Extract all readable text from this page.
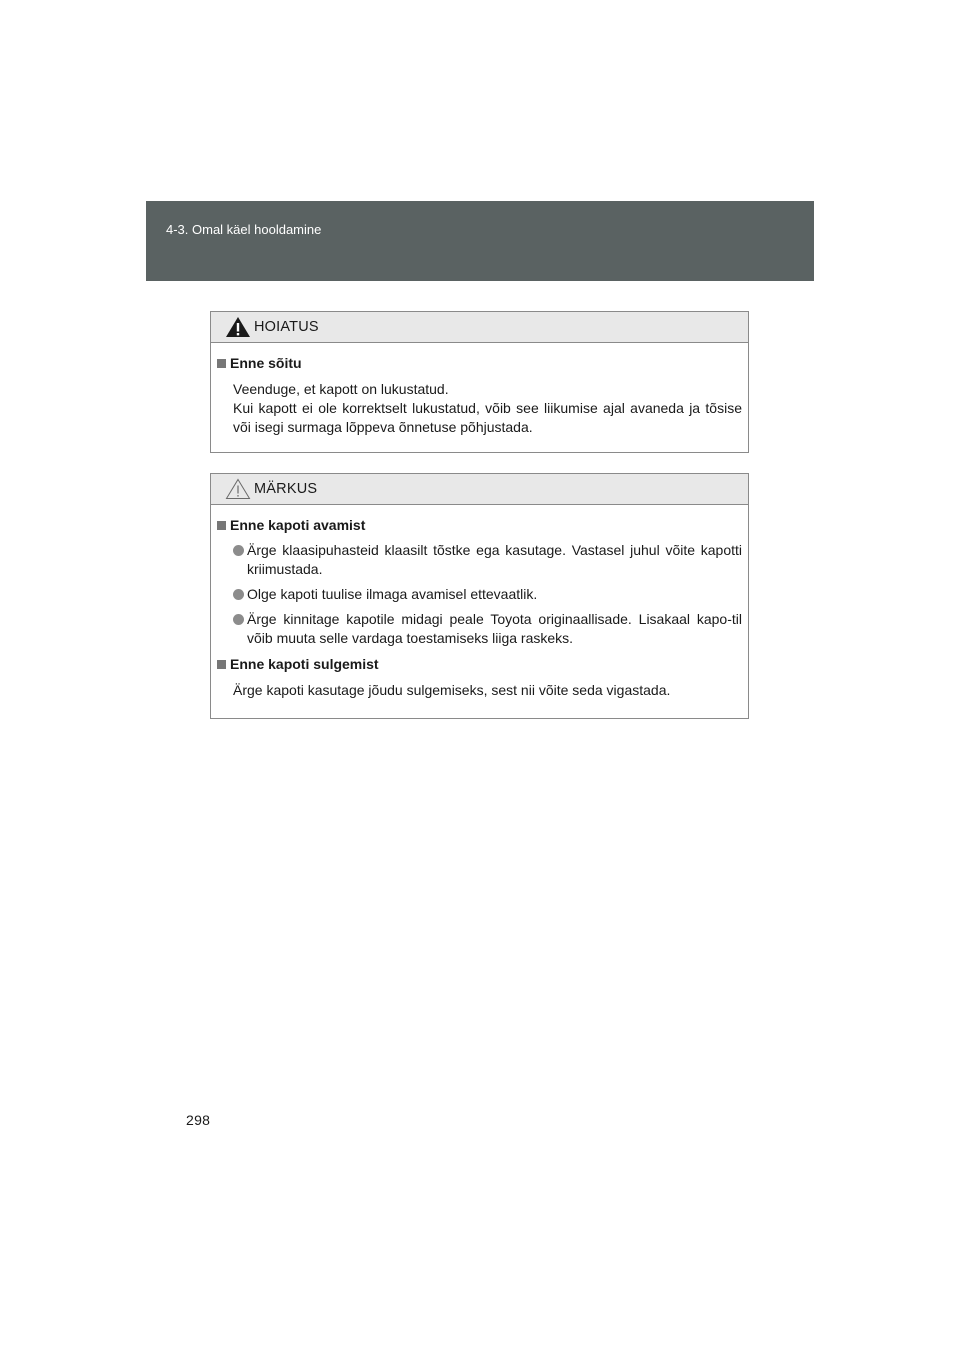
4-3. Omal käel hooldamine
HOIATUS
Enne sõitu
Veenduge, et kapott on lukustatud.
Kui kapott ei ole korrektselt lukustatud, võib see liikumise ajal avaneda ja tõsise või isegi surmaga lõppeva õnnetuse põhjustada.
MÄRKUS
Enne kapoti avamist
Ärge klaasipuhasteid klaasilt tõstke ega kasutage. Vastasel juhul võite kapotti kriimustada.
Olge kapoti tuulise ilmaga avamisel ettevaatlik.
Ärge kinnitage kapotile midagi peale Toyota originaallisade. Lisakaal kapo-til võib muuta selle vardaga toestamiseks liiga raskeks.
Enne kapoti sulgemist
Ärge kapoti kasutage jõudu sulgemiseks, sest nii võite seda vigastada.
298
